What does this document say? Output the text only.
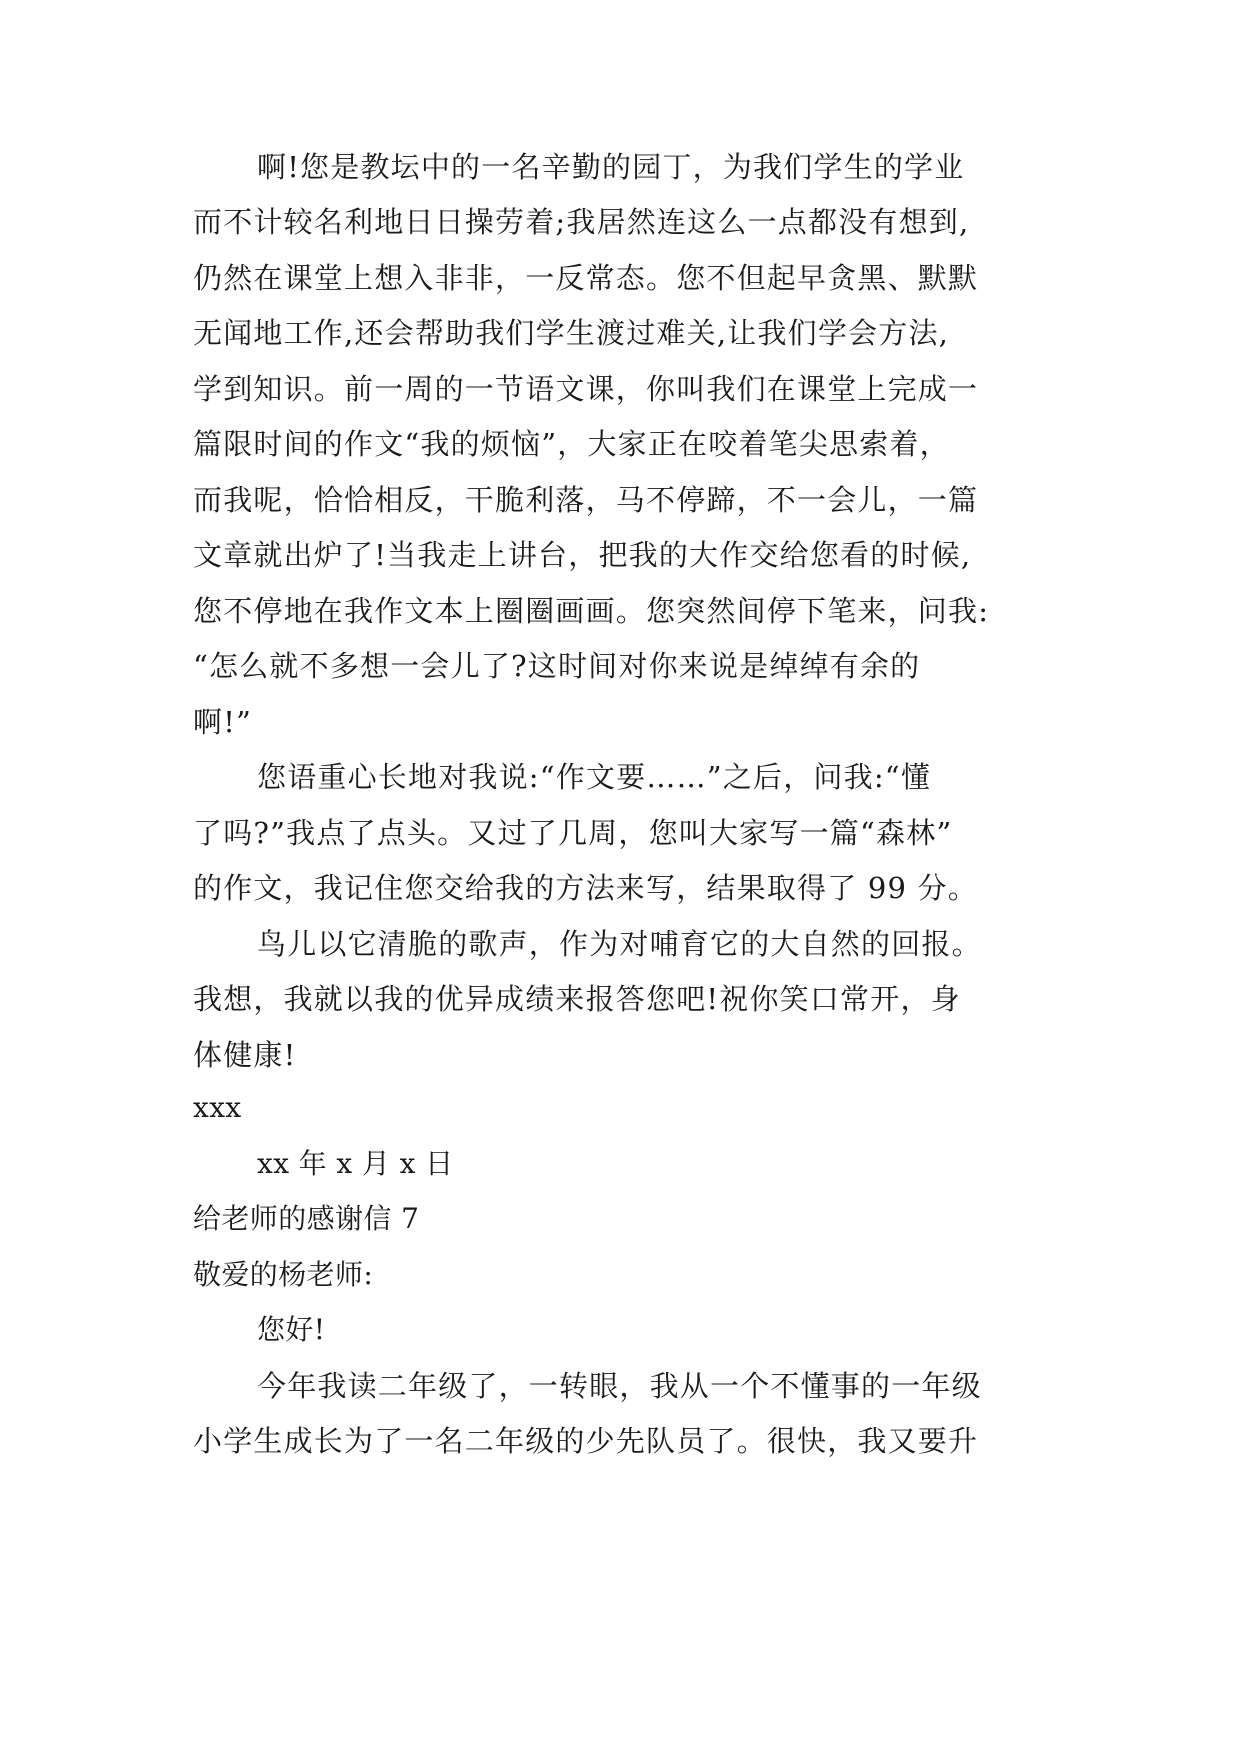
啊!您是教坛中的一名辛勤的园丁，为我们学生的学业
而不计较名利地日日操劳着;我居然连这么一点都没有想到,
仍然在课堂上想入非非，一反常态。您不但起早贪黑、默默
无闻地工作,还会帮助我们学生渡过难关,让我们学会方法,
学到知识。前一周的一节语文课，你叫我们在课堂上完成一
篇限时间的作文“我的烦恼”，大家正在咬着笔尖思索着，
而我呢，恰恰相反，干脆利落，马不停蹄，不一会儿，一篇
文章就出炉了!当我走上讲台，把我的大作交给您看的时候,
您不停地在我作文本上圈圈画画。您突然间停下笔来，问我:
“怎么就不多想一会儿了?这时间对你来说是绰绰有余的
啊!”
您语重心长地对我说:“作文要……”之后，问我:“懂
了吗?”我点了点头。又过了几周，您叫大家写一篇“森林”
的作文，我记住您交给我的方法来写，结果取得了 99 分。
鸟儿以它清脆的歌声，作为对哺育它的大自然的回报。
我想，我就以我的优异成绩来报答您吧!祝你笑口常开，身
体健康!
xxx
xx 年 x 月 x 日
给老师的感谢信 7
敬爱的杨老师:
您好!
今年我读二年级了，一转眼，我从一个不懂事的一年级
小学生成长为了一名二年级的少先队员了。很快，我又要升
